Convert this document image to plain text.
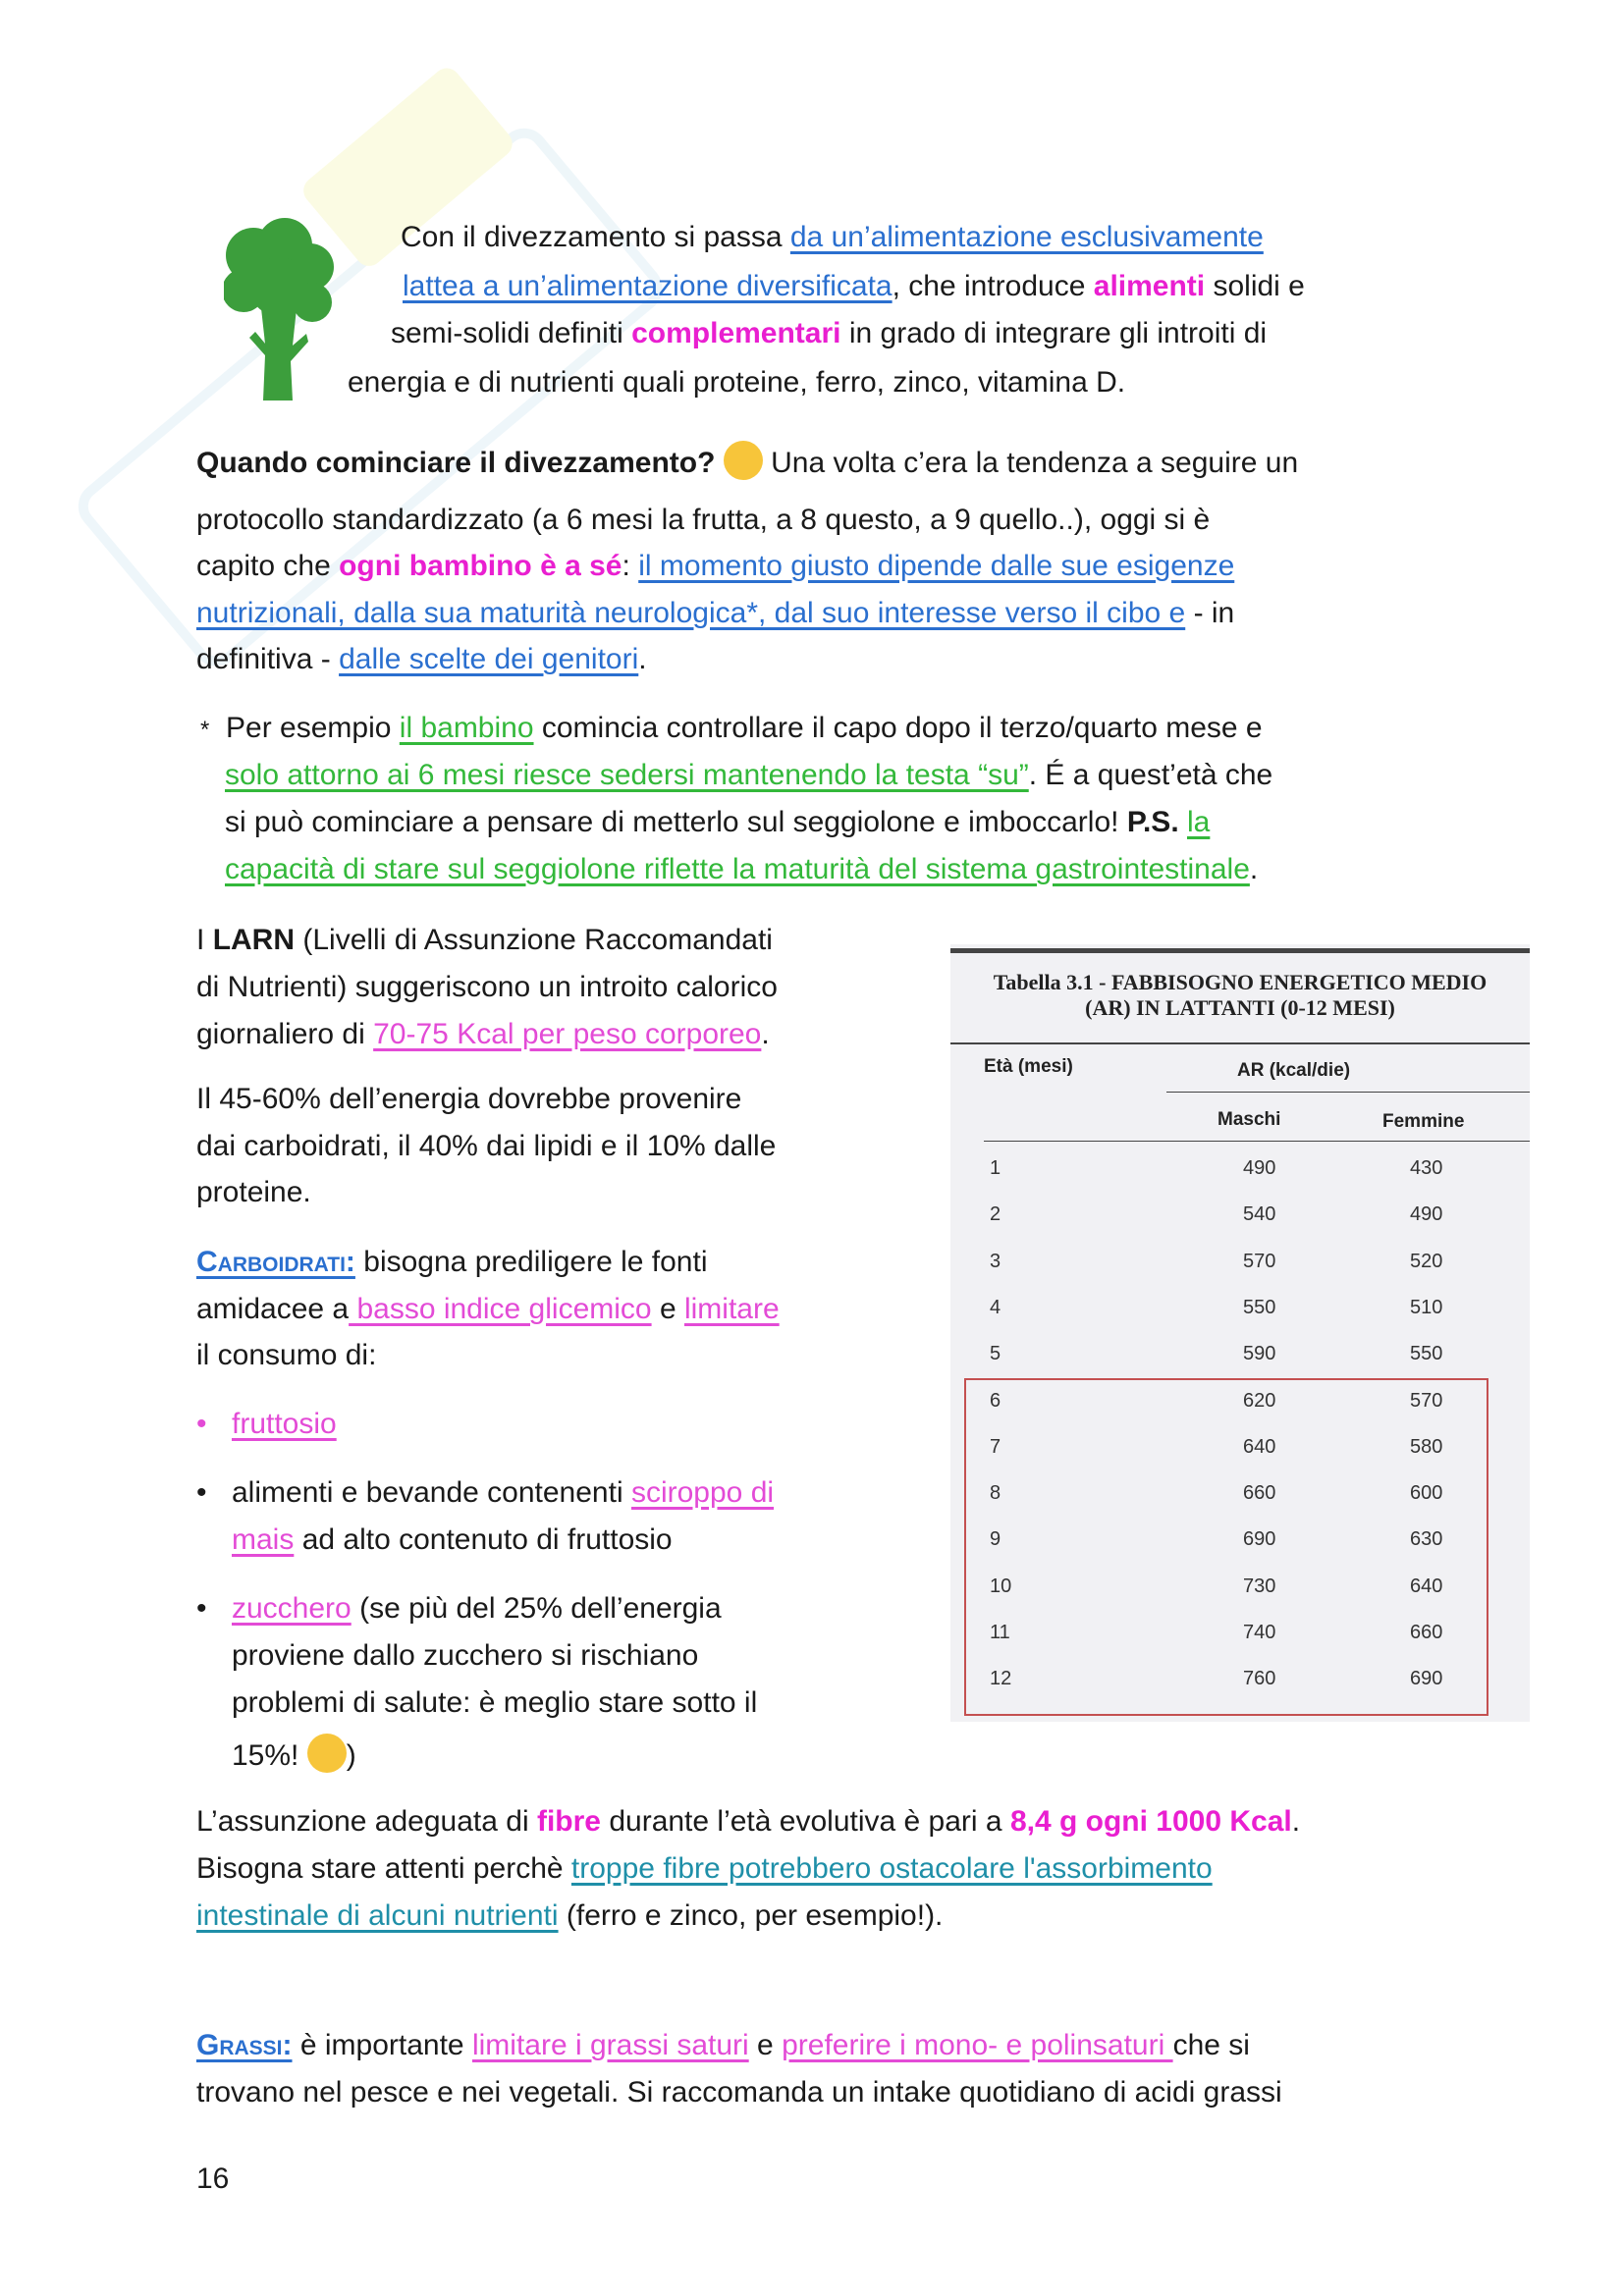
Con il divezzamento si passa da un’alimentazione esclusivamente
lattea a un’alimentazione diversificata, che introduce alimenti solidi e
semi-solidi definiti complementari in grado di integrare gli introiti di
energia e di nutrienti quali proteine, ferro, zinco, vitamina D.
Quando cominciare il divezzamento? Una volta c’era la tendenza a seguire un
protocollo standardizzato (a 6 mesi la frutta, a 8 questo, a 9 quello..), oggi si è
capito che ogni bambino è a sé: il momento giusto dipende dalle sue esigenze
nutrizionali, dalla sua maturità neurologica*, dal suo interesse verso il cibo e - in
definitiva - dalle scelte dei genitori.
* Per esempio il bambino comincia controllare il capo dopo il terzo/quarto mese e
solo attorno ai 6 mesi riesce sedersi mantenendo la testa “su”. É a quest’età che
si può cominciare a pensare di metterlo sul seggiolone e imboccarlo! P.S. la
capacità di stare sul seggiolone riflette la maturità del sistema gastrointestinale.
I LARN (Livelli di Assunzione Raccomandati
di Nutrienti) suggeriscono un introito calorico
giornaliero di 70-75 Kcal per peso corporeo.
Il 45-60% dell’energia dovrebbe provenire
dai carboidrati, il 40% dai lipidi e il 10% dalle
proteine.
Carboidrati: bisogna prediligere le fonti
amidacee a basso indice glicemico e limitare
il consumo di:
• fruttosio
• alimenti e bevande contenenti sciroppo di
mais ad alto contenuto di fruttosio
• zucchero (se più del 25% dell’energia
proviene dallo zucchero si rischiano
problemi di salute: è meglio stare sotto il
15%! )
L’assunzione adeguata di fibre durante l’età evolutiva è pari a 8,4 g ogni 1000 Kcal.
Bisogna stare attenti perchè troppe fibre potrebbero ostacolare l'assorbimento
intestinale di alcuni nutrienti (ferro e zinco, per esempio!).
Grassi: è importante limitare i grassi saturi e preferire i mono- e polinsaturi che si
trovano nel pesce e nei vegetali. Si raccomanda un intake quotidiano di acidi grassi
16
Tabella 3.1 - FABBISOGNO ENERGETICO MEDIO
(AR) IN LATTANTI (0-12 MESI)
Età (mesi)	AR (kcal/die)
Maschi	Femmine
1	490	430
2	540	490
3	570	520
4	550	510
5	590	550
6	620	570
7	640	580
8	660	600
9	690	630
10	730	640
11	740	660
12	760	690
